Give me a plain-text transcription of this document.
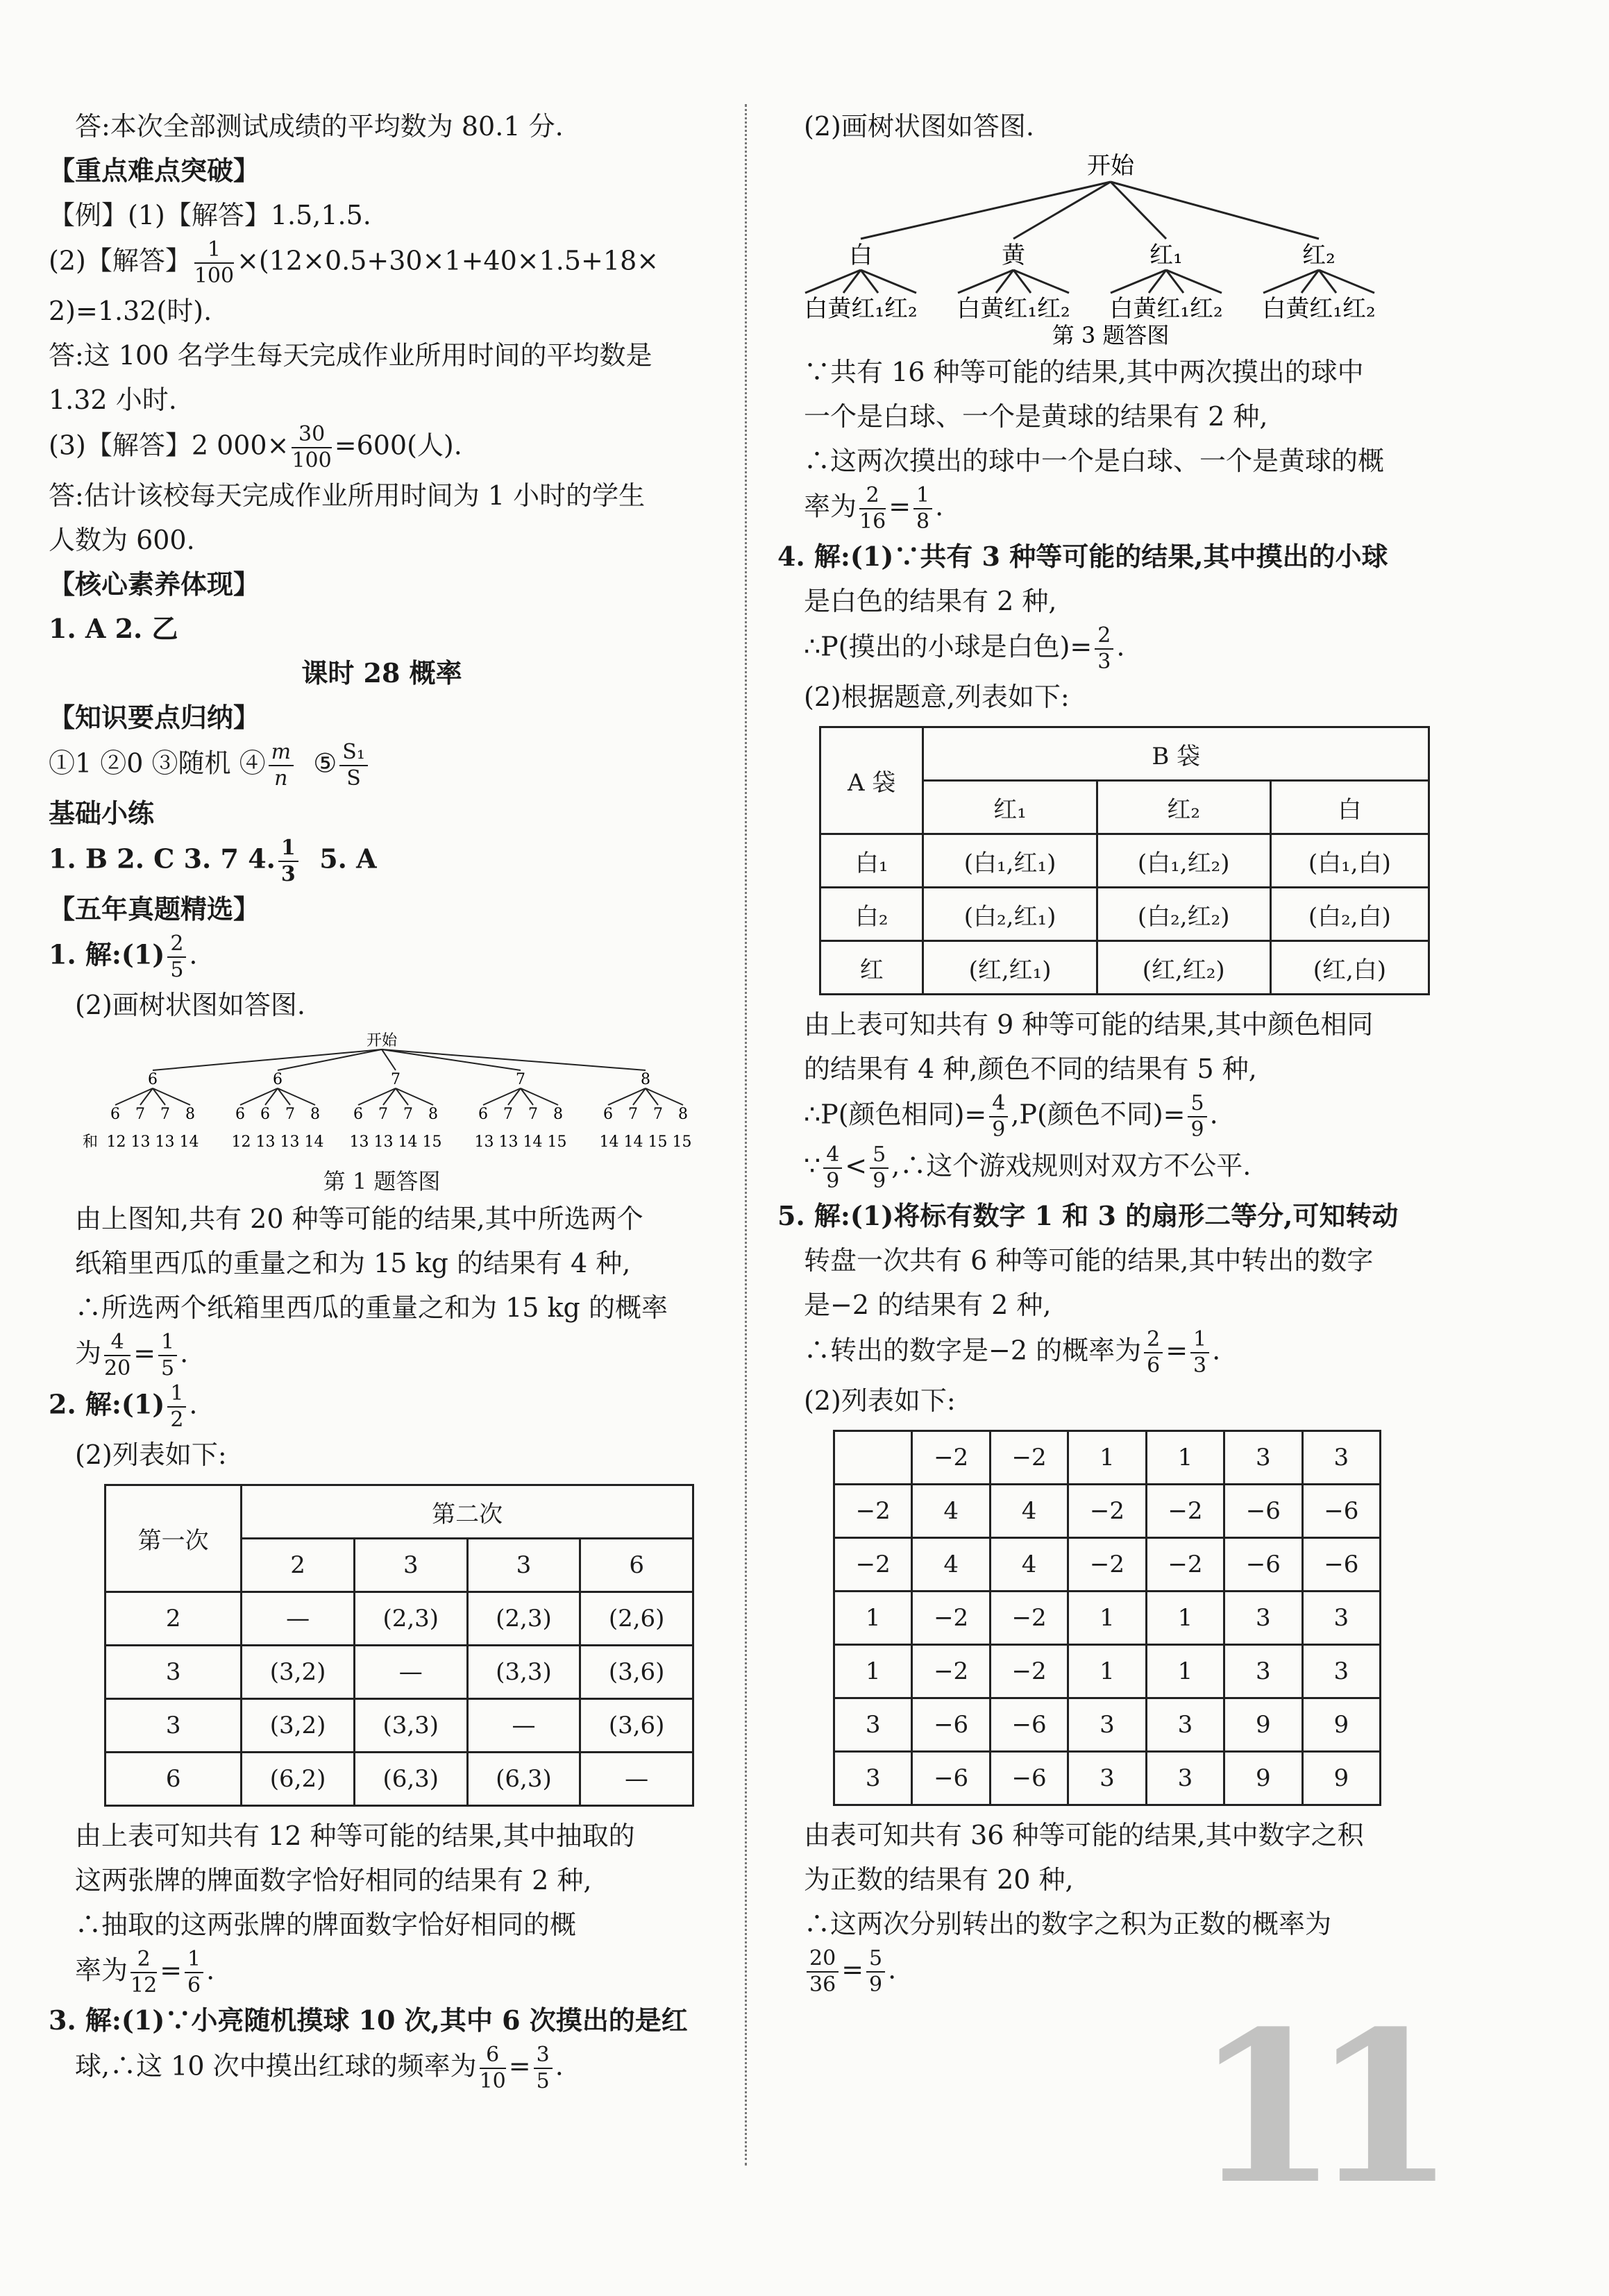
答:本次全部测试成绩的平均数为 80.1 分.

【重点难点突破】

【例】(1)【解答】1.5,1.5.

(2)【解答】 $\frac{1}{100} \times(12\times 0.5+30\times 1+40\times 1.5+18\times$

2)=1.32(时).

答:这 100 名学生每天完成作业所用时间的平均数是

1.32 小时.

(3)【解答】2 $000\times \frac{30}{100} =600$(人).

答:估计该校每天完成作业所用时间为 1 小时的学生

人数为 600.

【核心素养体现】

1. A 2. 乙

课时 28 概率

【知识要点归纳】

①1 ②0 ③随机 ④ $\frac{m}{n}$ ⑤ $\frac{\text{S₁}}{S}$

基础小练

1. B 2. C 3. 7 4. $\frac{1}{3} 5$. A

【五年真题精选】

1. 解:(1) $\frac{2}{5}$ .

(2)画树状图如答图.

开始
6
6 7 7 8
12 13 13 14
6
6 6 7 8
12 13 13 14
7
6 7 7 8
13 13 14 15
7
6 7 7 8
13 13 14 15
8
6 7 7 8
14 14 15 15
和

第 1 题答图

由上图知,共有 20 种等可能的结果,其中所选两个

纸箱里西瓜的重量之和为 15 kg 的结果有 4 种,

∴所选两个纸箱里西瓜的重量之和为 15 kg 的概率

为 $\frac{4}{20} = \frac{1}{5}$ .

2. 解:(1) $\frac{1}{2}$ .

(2)列表如下:

第一次	第二次			
	2	3	3	6
2	—	(2,3)	(2,3)	(2,6)
3	(3,2)	—	(3,3)	(3,6)
3	(3,2)	(3,3)	—	(3,6)
6	(6,2)	(6,3)	(6,3)	—

由上表可知共有 12 种等可能的结果,其中抽取的

这两张牌的牌面数字恰好相同的结果有 2 种,

∴抽取的这两张牌的牌面数字恰好相同的概

率为 $\frac{2}{12} = \frac{1}{6}$ .

3. 解:(1)∵小亮随机摸球 10 次,其中 6 次摸出的是红

球,∴这 10 次中摸出红球的频率为 $\frac{6}{10} = \frac{3}{5}$ .

(2)画树状图如答图.

开始
白
白黄红₁红₂
黄
白黄红₁红₂
红₁
白黄红₁红₂
红₂
白黄红₁红₂
第 3 题答图

∵共有 16 种等可能的结果,其中两次摸出的球中

一个是白球、一个是黄球的结果有 2 种,

∴这两次摸出的球中一个是白球、一个是黄球的概

率为 $\frac{2}{16} = \frac{1}{8}$ .

4. 解:(1)∵共有 3 种等可能的结果,其中摸出的小球

是白色的结果有 2 种,

∴P(摸出的小球是白色)= $\frac{2}{3}$ .

(2)根据题意,列表如下:

A 袋	B 袋		
	红₁	红₂	白
白₁	(白₁,红₁)	(白₁,红₂)	(白₁,白)
白₂	(白₂,红₁)	(白₂,红₂)	(白₂,白)
红	(红,红₁)	(红,红₂)	(红,白)

由上表可知共有 9 种等可能的结果,其中颜色相同

的结果有 4 种,颜色不同的结果有 5 种,

∴P(颜色相同)= $\frac{4}{9} ,P$(颜色不同)= $\frac{5}{9}$ .

∵ $\frac{4}{9} < \frac{5}{9}$ ,∴这个游戏规则对双方不公平.

5. 解:(1)将标有数字 1 和 3 的扇形二等分,可知转动

转盘一次共有 6 种等可能的结果,其中转出的数字

是−2 的结果有 2 种,

∴转出的数字是−2 的概率为 $\frac{2}{6} = \frac{1}{3}$ .

(2)列表如下:

	−2	−2	1	1	3	3
−2	4	4	−2	−2	−6	−6
−2	4	4	−2	−2	−6	−6
1	−2	−2	1	1	3	3
1	−2	−2	1	1	3	3
3	−6	−6	3	3	9	9
3	−6	−6	3	3	9	9

由表可知共有 36 种等可能的结果,其中数字之积

为正数的结果有 20 种,

∴这两次分别转出的数字之积为正数的概率为

$\frac{20}{36} = \frac{5}{9}$ .

11
